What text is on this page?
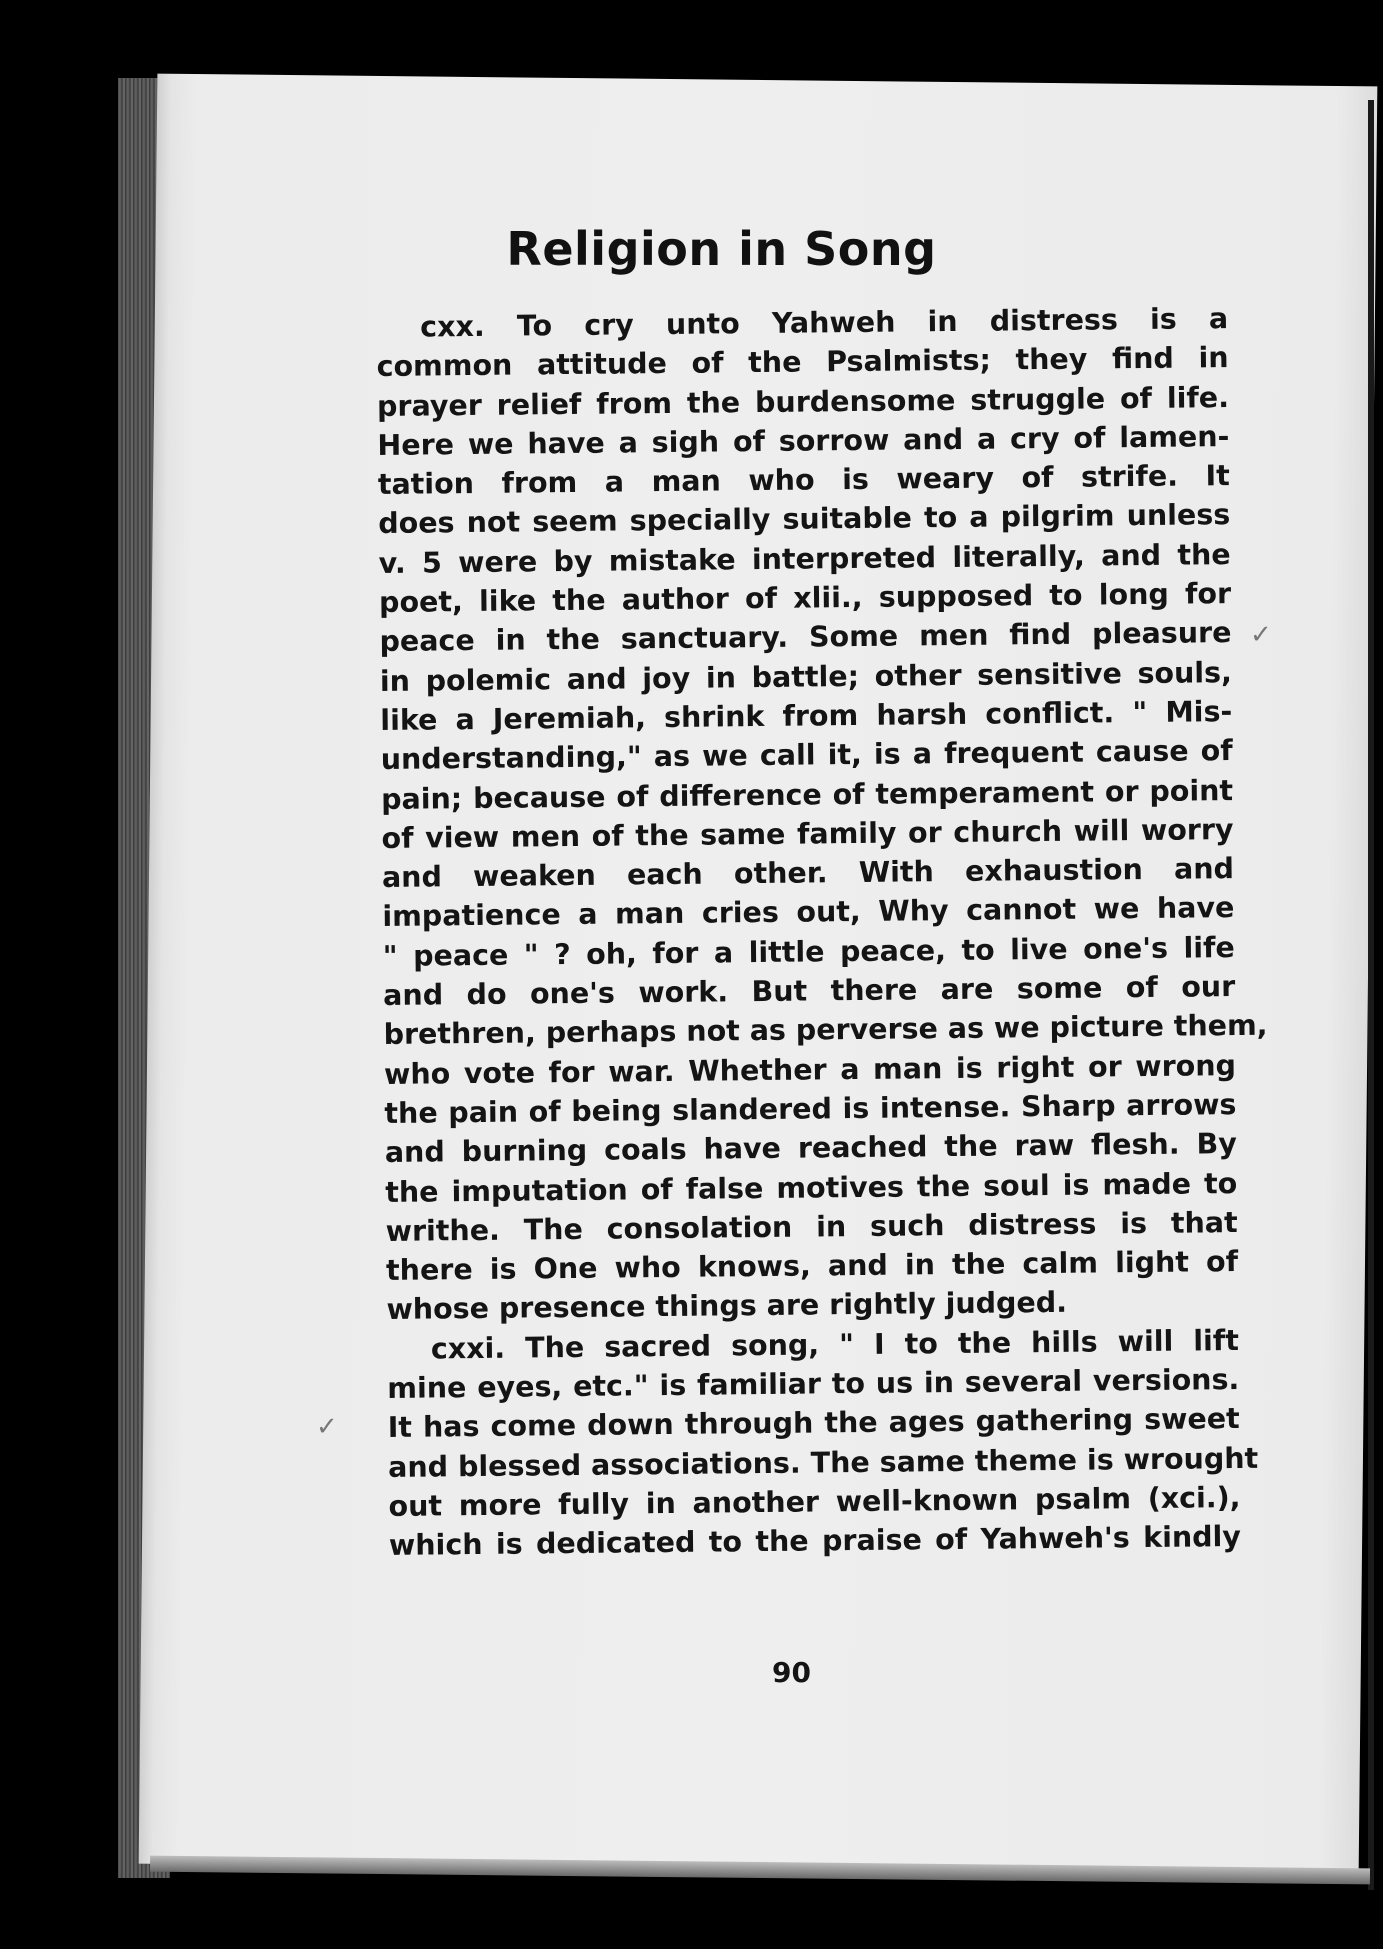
Religion in Song
cxx. To cry unto Yahweh in distress is a
common attitude of the Psalmists; they find in
prayer relief from the burdensome struggle of life.
Here we have a sigh of sorrow and a cry of lamen-
tation from a man who is weary of strife. It
does not seem specially suitable to a pilgrim unless
v. 5 were by mistake interpreted literally, and the
poet, like the author of xlii., supposed to long for
peace in the sanctuary. Some men find pleasure
in polemic and joy in battle; other sensitive souls,
like a Jeremiah, shrink from harsh conflict. " Mis-
understanding," as we call it, is a frequent cause of
pain; because of difference of temperament or point
of view men of the same family or church will worry
and weaken each other. With exhaustion and
impatience a man cries out, Why cannot we have
" peace " ? oh, for a little peace, to live one's life
and do one's work. But there are some of our
brethren, perhaps not as perverse as we picture them,
who vote for war. Whether a man is right or wrong
the pain of being slandered is intense. Sharp arrows
and burning coals have reached the raw flesh. By
the imputation of false motives the soul is made to
writhe. The consolation in such distress is that
there is One who knows, and in the calm light of
whose presence things are rightly judged.
cxxi. The sacred song, " I to the hills will lift
mine eyes, etc." is familiar to us in several versions.
It has come down through the ages gathering sweet
and blessed associations. The same theme is wrought
out more fully in another well-known psalm (xci.),
which is dedicated to the praise of Yahweh's kindly
90
✓
✓
